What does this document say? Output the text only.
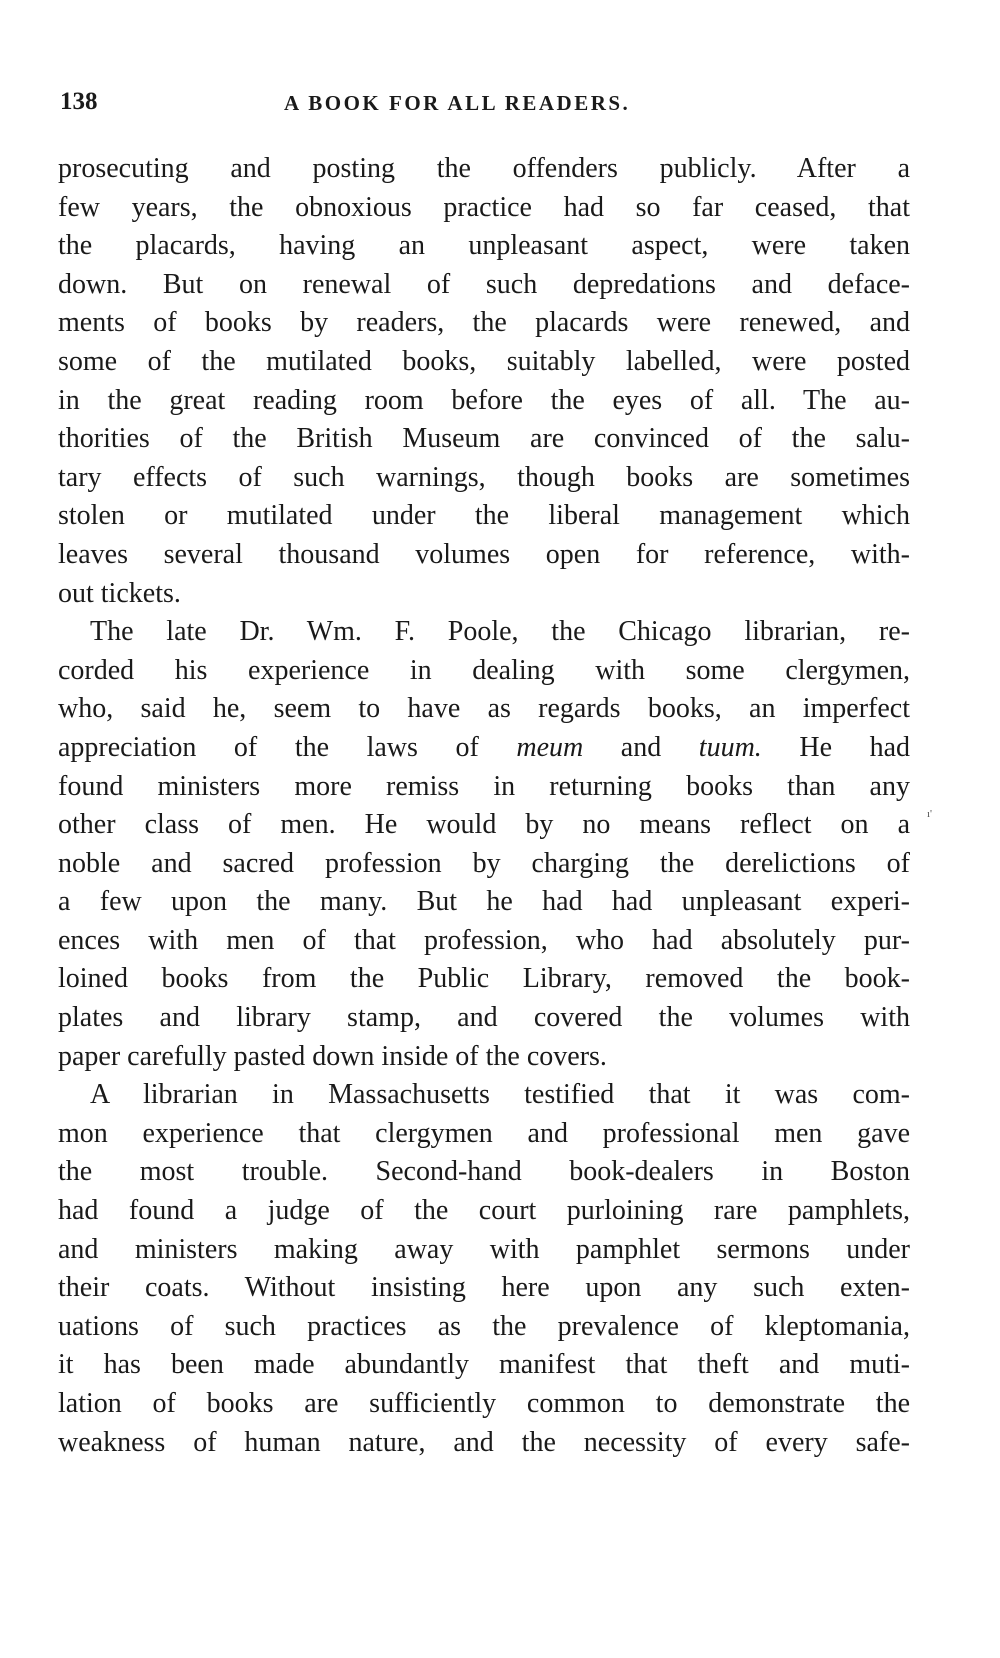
138	A BOOK FOR ALL READERS.
prosecuting and posting the offenders publicly. After a
few years, the obnoxious practice had so far ceased, that
the placards, having an unpleasant aspect, were taken
down. But on renewal of such depredations and deface-
ments of books by readers, the placards were renewed, and
some of the mutilated books, suitably labelled, were posted
in the great reading room before the eyes of all. The au-
thorities of the British Museum are convinced of the salu-
tary effects of such warnings, though books are sometimes
stolen or mutilated under the liberal management which
leaves several thousand volumes open for reference, with-
out tickets.
The late Dr. Wm. F. Poole, the Chicago librarian, re-
corded his experience in dealing with some clergymen,
who, said he, seem to have as regards books, an imperfect
appreciation of the laws of meum and tuum. He had
found ministers more remiss in returning books than any
other class of men. He would by no means reflect on a
noble and sacred profession by charging the derelictions of
a few upon the many. But he had had unpleasant experi-
ences with men of that profession, who had absolutely pur-
loined books from the Public Library, removed the book-
plates and library stamp, and covered the volumes with
paper carefully pasted down inside of the covers.
A librarian in Massachusetts testified that it was com-
mon experience that clergymen and professional men gave
the most trouble. Second-hand book-dealers in Boston
had found a judge of the court purloining rare pamphlets,
and ministers making away with pamphlet sermons under
their coats. Without insisting here upon any such exten-
uations of such practices as the prevalence of kleptomania,
it has been made abundantly manifest that theft and muti-
lation of books are sufficiently common to demonstrate the
weakness of human nature, and the necessity of every safe-
ı'
